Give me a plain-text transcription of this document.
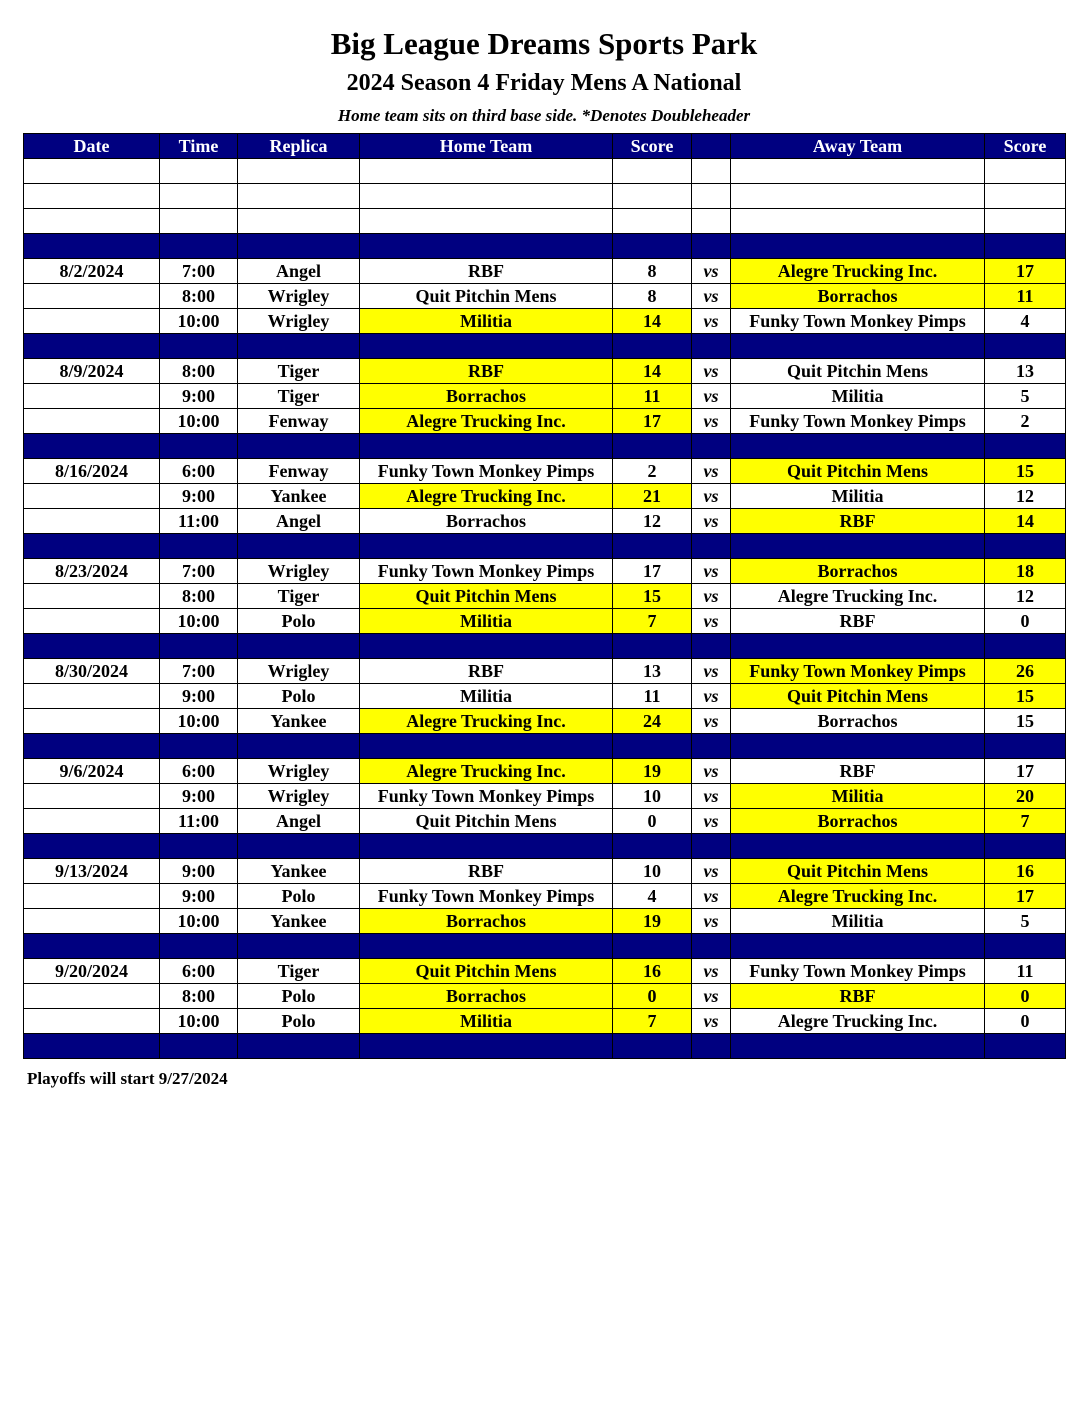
Big League Dreams Sports Park
2024 Season 4 Friday Mens A National
Home team sits on third base side. *Denotes Doubleheader
Date	Time	Replica	Home Team	Score		Away Team	Score

8/2/2024	7:00	Angel	RBF	8	vs	Alegre Trucking Inc.	17
	8:00	Wrigley	Quit Pitchin Mens	8	vs	Borrachos	11
	10:00	Wrigley	Militia	14	vs	Funky Town Monkey Pimps	4

8/9/2024	8:00	Tiger	RBF	14	vs	Quit Pitchin Mens	13
	9:00	Tiger	Borrachos	11	vs	Militia	5
	10:00	Fenway	Alegre Trucking Inc.	17	vs	Funky Town Monkey Pimps	2

8/16/2024	6:00	Fenway	Funky Town Monkey Pimps	2	vs	Quit Pitchin Mens	15
	9:00	Yankee	Alegre Trucking Inc.	21	vs	Militia	12
	11:00	Angel	Borrachos	12	vs	RBF	14

8/23/2024	7:00	Wrigley	Funky Town Monkey Pimps	17	vs	Borrachos	18
	8:00	Tiger	Quit Pitchin Mens	15	vs	Alegre Trucking Inc.	12
	10:00	Polo	Militia	7	vs	RBF	0

8/30/2024	7:00	Wrigley	RBF	13	vs	Funky Town Monkey Pimps	26
	9:00	Polo	Militia	11	vs	Quit Pitchin Mens	15
	10:00	Yankee	Alegre Trucking Inc.	24	vs	Borrachos	15

9/6/2024	6:00	Wrigley	Alegre Trucking Inc.	19	vs	RBF	17
	9:00	Wrigley	Funky Town Monkey Pimps	10	vs	Militia	20
	11:00	Angel	Quit Pitchin Mens	0	vs	Borrachos	7

9/13/2024	9:00	Yankee	RBF	10	vs	Quit Pitchin Mens	16
	9:00	Polo	Funky Town Monkey Pimps	4	vs	Alegre Trucking Inc.	17
	10:00	Yankee	Borrachos	19	vs	Militia	5

9/20/2024	6:00	Tiger	Quit Pitchin Mens	16	vs	Funky Town Monkey Pimps	11
	8:00	Polo	Borrachos	0	vs	RBF	0
	10:00	Polo	Militia	7	vs	Alegre Trucking Inc.	0

Playoffs will start 9/27/2024
